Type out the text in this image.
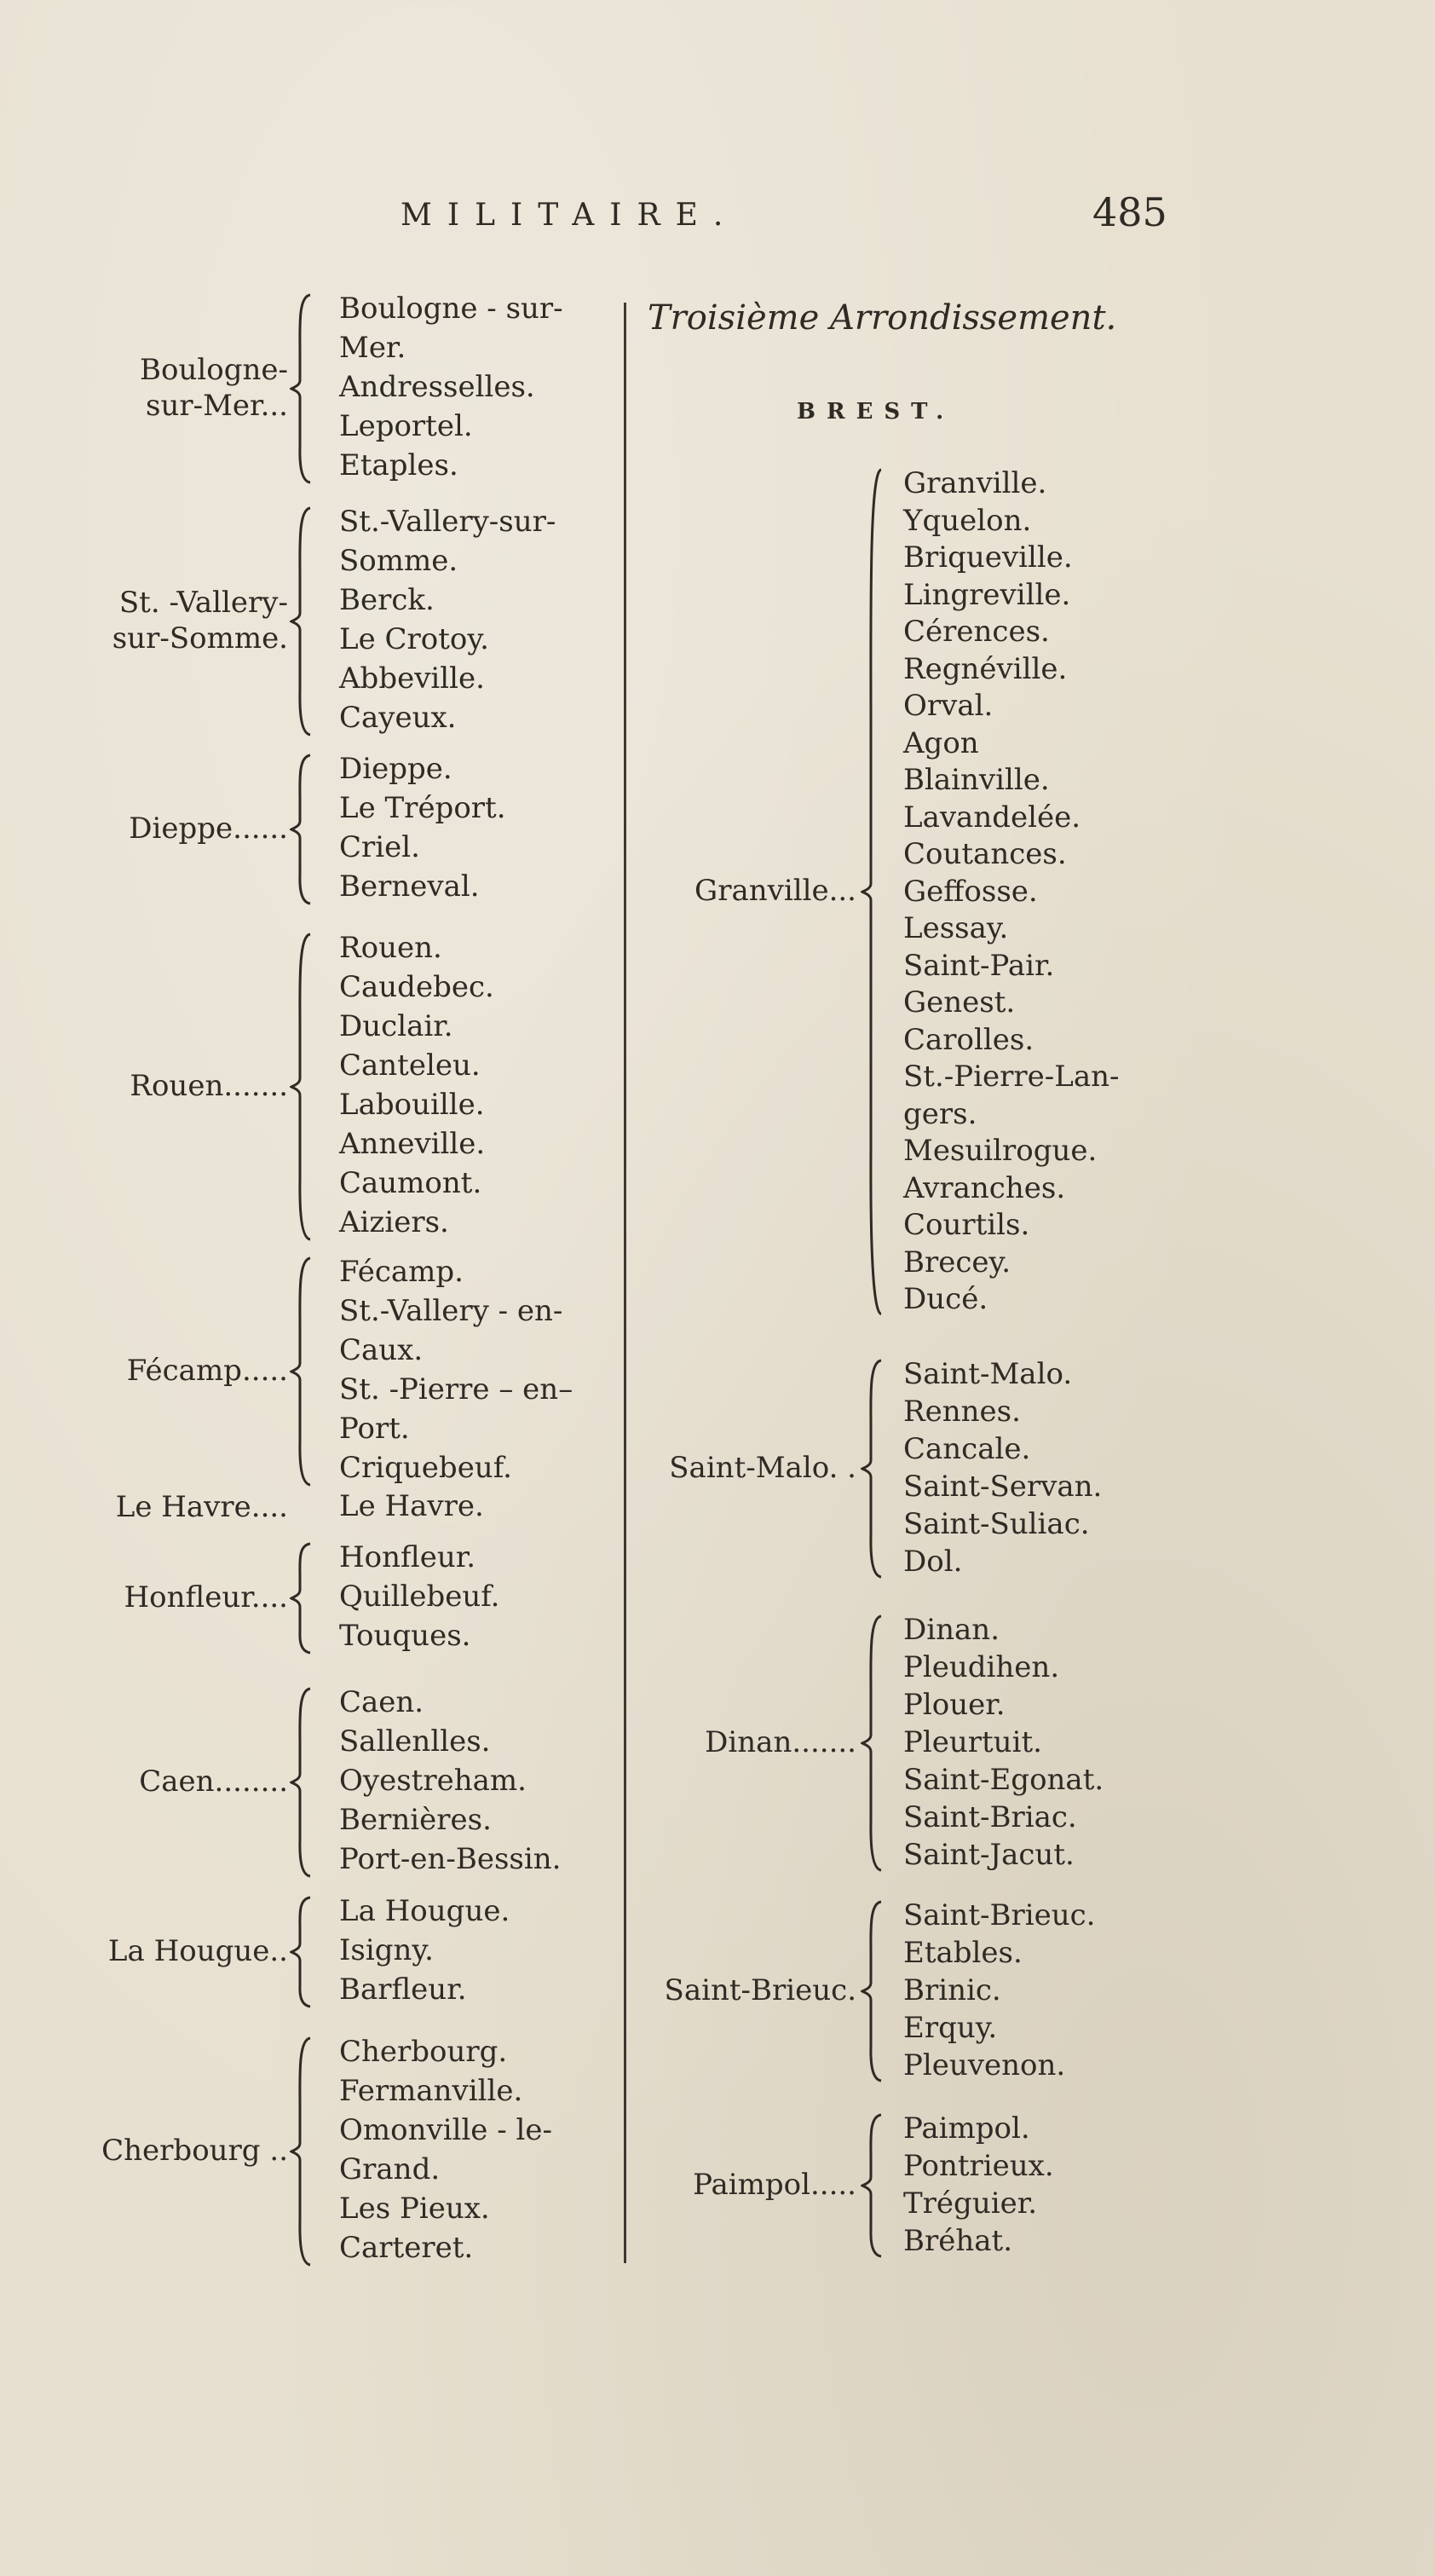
MILITAIRE.	485
Troisième Arrondissement.
BREST.
Boulogne - sur-
Mer.
Andresselles.
Leportel.
Etaples.
Boulogne-
sur-Mer...
St.-Vallery-sur-
Somme.
Berck.
Le Crotoy.
Abbeville.
Cayeux.
St. -Vallery-
sur-Somme.
Dieppe.
Le Tréport.
Criel.
Berneval.
Dieppe......
Rouen.
Caudebec.
Duclair.
Canteleu.
Labouille.
Anneville.
Caumont.
Aiziers.
Rouen.......
Fécamp.
St.-Vallery - en-
Caux.
St. -Pierre – en–
Port.
Criquebeuf.
Fécamp.....
Le Havre.
Le Havre....
Honfleur.
Quillebeuf.
Touques.
Honfleur....
Caen.
Sallenlles.
Oyestreham.
Bernières.
Port-en-Bessin.
Caen........
La Hougue.
Isigny.
Barfleur.
La Hougue..
Cherbourg.
Fermanville.
Omonville - le-
Grand.
Les Pieux.
Carteret.
Cherbourg ..
Granville.
Yquelon.
Briqueville.
Lingreville.
Cérences.
Regnéville.
Orval.
Agon
Blainville.
Lavandelée.
Coutances.
Geffosse.
Lessay.
Saint-Pair.
Genest.
Carolles.
St.-Pierre-Lan-
gers.
Mesuilrogue.
Avranches.
Courtils.
Brecey.
Ducé.
Granville...
Saint-Malo.
Rennes.
Cancale.
Saint-Servan.
Saint-Suliac.
Dol.
Saint-Malo. .
Dinan.
Pleudihen.
Plouer.
Pleurtuit.
Saint-Egonat.
Saint-Briac.
Saint-Jacut.
Dinan.......
Saint-Brieuc.
Etables.
Brinic.
Erquy.
Pleuvenon.
Saint-Brieuc.
Paimpol.
Pontrieux.
Tréguier.
Bréhat.
Paimpol.....
